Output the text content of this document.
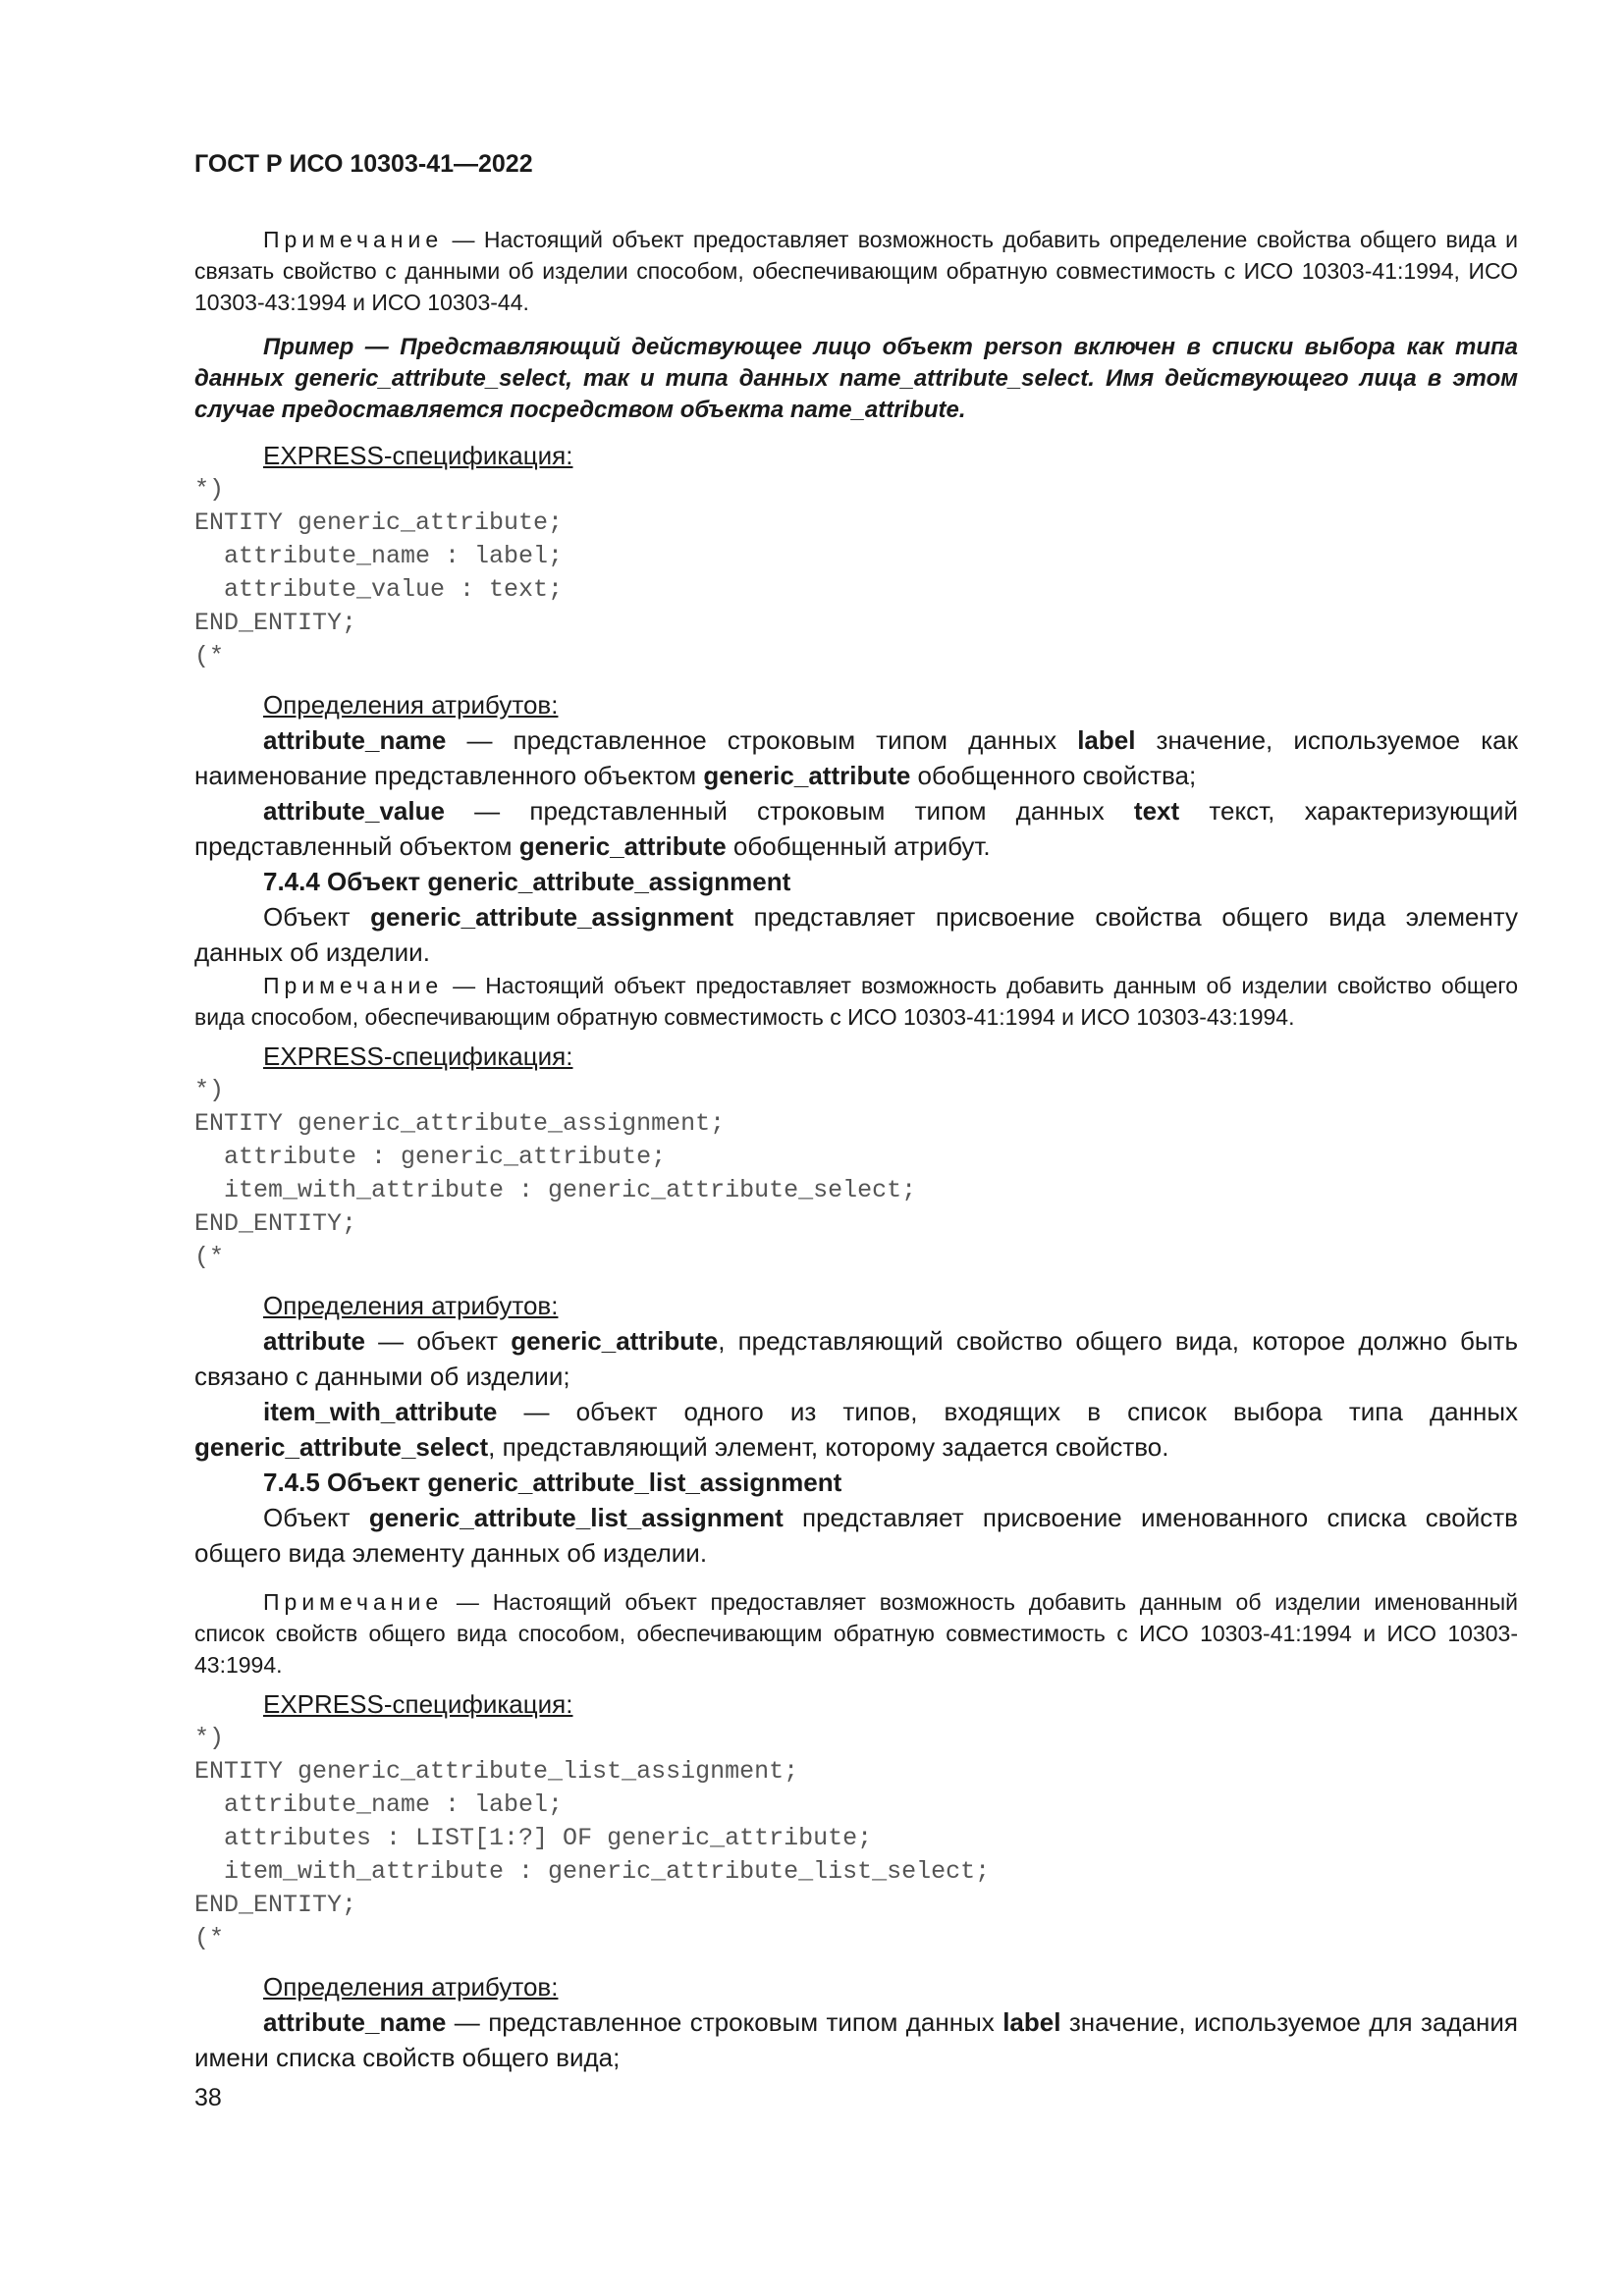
ГОСТ Р ИСО 10303-41—2022

Примечание — Настоящий объект предоставляет возможность добавить определение свойства общего вида и связать свойство с данными об изделии способом, обеспечивающим обратную совместимость с ИСО 10303-41:1994, ИСО 10303-43:1994 и ИСО 10303-44.

Пример — Представляющий действующее лицо объект person включен в списки выбора как типа данных generic_attribute_select, так и типа данных name_attribute_select. Имя действующего лица в этом случае предоставляется посредством объекта name_attribute.

EXPRESS-спецификация:

*)
ENTITY generic_attribute;
attribute_name : label;
attribute_value : text;
END_ENTITY;
(*

Определения атрибутов:

attribute_name — представленное строковым типом данных label значение, используемое как наименование представленного объектом generic_attribute обобщенного свойства;

attribute_value — представленный строковым типом данных text текст, характеризующий представленный объектом generic_attribute обобщенный атрибут.

7.4.4 Объект generic_attribute_assignment

Объект generic_attribute_assignment представляет присвоение свойства общего вида элементу данных об изделии.

Примечание — Настоящий объект предоставляет возможность добавить данным об изделии свойство общего вида способом, обеспечивающим обратную совместимость с ИСО 10303-41:1994 и ИСО 10303-43:1994.

EXPRESS-спецификация:

*)
ENTITY generic_attribute_assignment;
attribute : generic_attribute;
item_with_attribute : generic_attribute_select;
END_ENTITY;
(*

Определения атрибутов:

attribute — объект generic_attribute, представляющий свойство общего вида, которое должно быть связано с данными об изделии;

item_with_attribute — объект одного из типов, входящих в список выбора типа данных generic_attribute_select, представляющий элемент, которому задается свойство.

7.4.5 Объект generic_attribute_list_assignment

Объект generic_attribute_list_assignment представляет присвоение именованного списка свойств общего вида элементу данных об изделии.

Примечание — Настоящий объект предоставляет возможность добавить данным об изделии именованный список свойств общего вида способом, обеспечивающим обратную совместимость с ИСО 10303-41:1994 и ИСО 10303-43:1994.

EXPRESS-спецификация:

*)
ENTITY generic_attribute_list_assignment;
attribute_name : label;
attributes : LIST[1:?] OF generic_attribute;
item_with_attribute : generic_attribute_list_select;
END_ENTITY;
(*

Определения атрибутов:

attribute_name — представленное строковым типом данных label значение, используемое для задания имени списка свойств общего вида;

38
